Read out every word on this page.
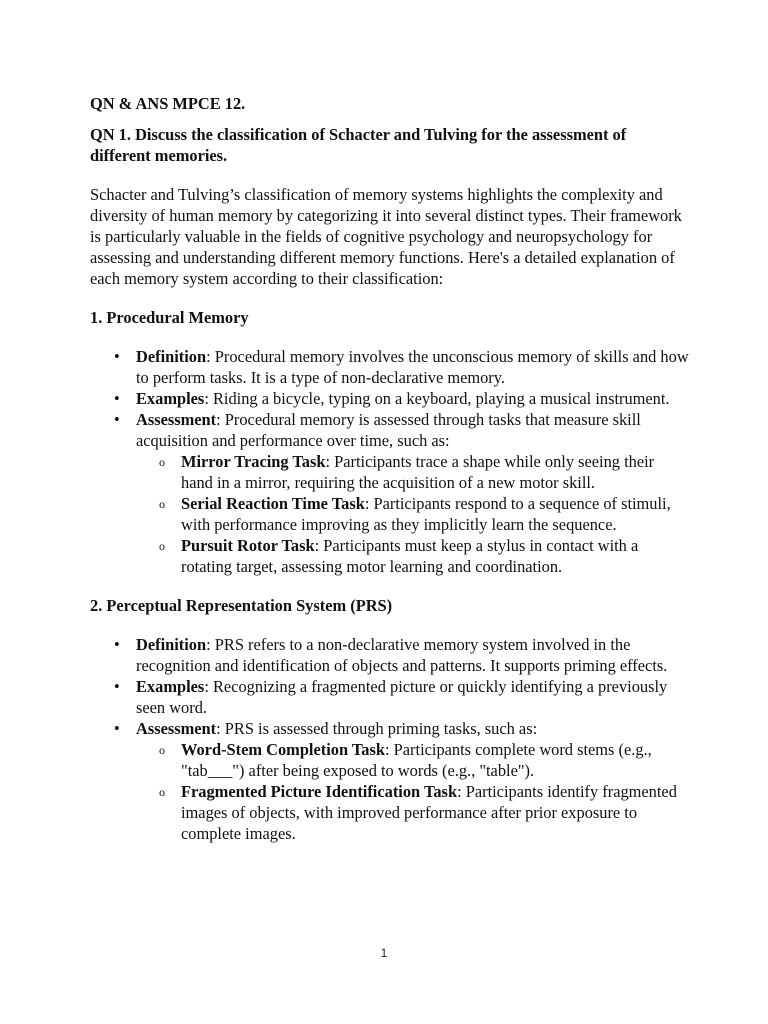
QN & ANS MPCE 12.

QN 1. Discuss the classification of Schacter and Tulving for the assessment of different memories.

Schacter and Tulving’s classification of memory systems highlights the complexity and diversity of human memory by categorizing it into several distinct types. Their framework is particularly valuable in the fields of cognitive psychology and neuropsychology for assessing and understanding different memory functions. Here's a detailed explanation of each memory system according to their classification:

1. Procedural Memory

• Definition: Procedural memory involves the unconscious memory of skills and how to perform tasks. It is a type of non-declarative memory.
• Examples: Riding a bicycle, typing on a keyboard, playing a musical instrument.
• Assessment: Procedural memory is assessed through tasks that measure skill acquisition and performance over time, such as:
o Mirror Tracing Task: Participants trace a shape while only seeing their hand in a mirror, requiring the acquisition of a new motor skill.
o Serial Reaction Time Task: Participants respond to a sequence of stimuli, with performance improving as they implicitly learn the sequence.
o Pursuit Rotor Task: Participants must keep a stylus in contact with a rotating target, assessing motor learning and coordination.

2. Perceptual Representation System (PRS)

• Definition: PRS refers to a non-declarative memory system involved in the recognition and identification of objects and patterns. It supports priming effects.
• Examples: Recognizing a fragmented picture or quickly identifying a previously seen word.
• Assessment: PRS is assessed through priming tasks, such as:
o Word-Stem Completion Task: Participants complete word stems (e.g., "tab___") after being exposed to words (e.g., "table").
o Fragmented Picture Identification Task: Participants identify fragmented images of objects, with improved performance after prior exposure to complete images.
1
